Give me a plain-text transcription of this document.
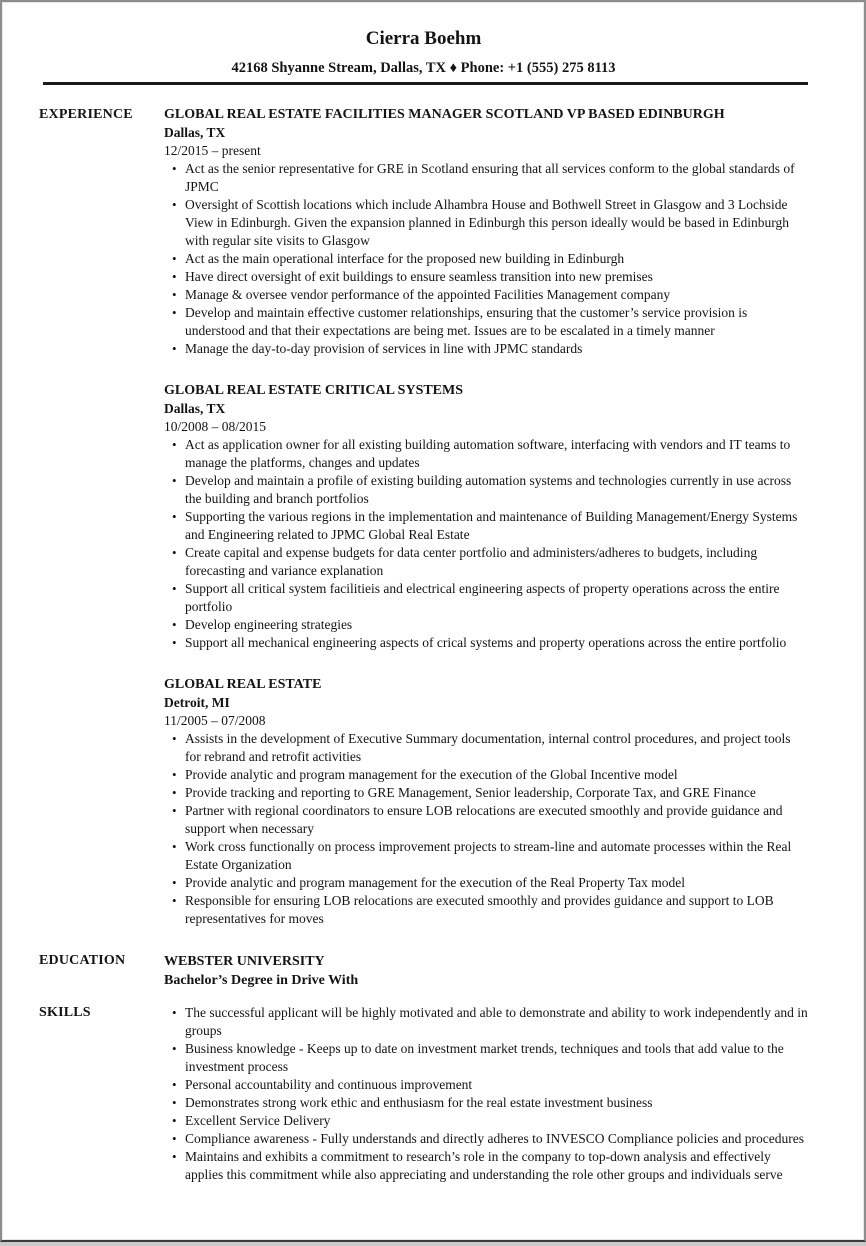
Cierra Boehm
42168 Shyanne Stream, Dallas, TX ♦ Phone: +1 (555) 275 8113
EXPERIENCE	GLOBAL REAL ESTATE FACILITIES MANAGER SCOTLAND VP BASED EDINBURGH
Dallas, TX
12/2015 – present
• Act as the senior representative for GRE in Scotland ensuring that all services conform to the global standards of JPMC
• Oversight of Scottish locations which include Alhambra House and Bothwell Street in Glasgow and 3 Lochside View in Edinburgh. Given the expansion planned in Edinburgh this person ideally would be based in Edinburgh with regular site visits to Glasgow
• Act as the main operational interface for the proposed new building in Edinburgh
• Have direct oversight of exit buildings to ensure seamless transition into new premises
• Manage & oversee vendor performance of the appointed Facilities Management company
• Develop and maintain effective customer relationships, ensuring that the customer’s service provision is understood and that their expectations are being met. Issues are to be escalated in a timely manner
• Manage the day-to-day provision of services in line with JPMC standards
GLOBAL REAL ESTATE CRITICAL SYSTEMS
Dallas, TX
10/2008 – 08/2015
• Act as application owner for all existing building automation software, interfacing with vendors and IT teams to manage the platforms, changes and updates
• Develop and maintain a profile of existing building automation systems and technologies currently in use across the building and branch portfolios
• Supporting the various regions in the implementation and maintenance of Building Management/Energy Systems and Engineering related to JPMC Global Real Estate
• Create capital and expense budgets for data center portfolio and administers/adheres to budgets, including forecasting and variance explanation
• Support all critical system facilitieis and electrical engineering aspects of property operations across the entire portfolio
• Develop engineering strategies
• Support all mechanical engineering aspects of crical systems and property operations across the entire portfolio
GLOBAL REAL ESTATE
Detroit, MI
11/2005 – 07/2008
• Assists in the development of Executive Summary documentation, internal control procedures, and project tools for rebrand and retrofit activities
• Provide analytic and program management for the execution of the Global Incentive model
• Provide tracking and reporting to GRE Management, Senior leadership, Corporate Tax, and GRE Finance
• Partner with regional coordinators to ensure LOB relocations are executed smoothly and provide guidance and support when necessary
• Work cross functionally on process improvement projects to stream-line and automate processes within the Real Estate Organization
• Provide analytic and program management for the execution of the Real Property Tax model
• Responsible for ensuring LOB relocations are executed smoothly and provides guidance and support to LOB representatives for moves
EDUCATION	WEBSTER UNIVERSITY
Bachelor’s Degree in Drive With
SKILLS	• The successful applicant will be highly motivated and able to demonstrate and ability to work independently and in groups
• Business knowledge - Keeps up to date on investment market trends, techniques and tools that add value to the investment process
• Personal accountability and continuous improvement
• Demonstrates strong work ethic and enthusiasm for the real estate investment business
• Excellent Service Delivery
• Compliance awareness - Fully understands and directly adheres to INVESCO Compliance policies and procedures
• Maintains and exhibits a commitment to research’s role in the company to top-down analysis and effectively applies this commitment while also appreciating and understanding the role other groups and individuals serve
